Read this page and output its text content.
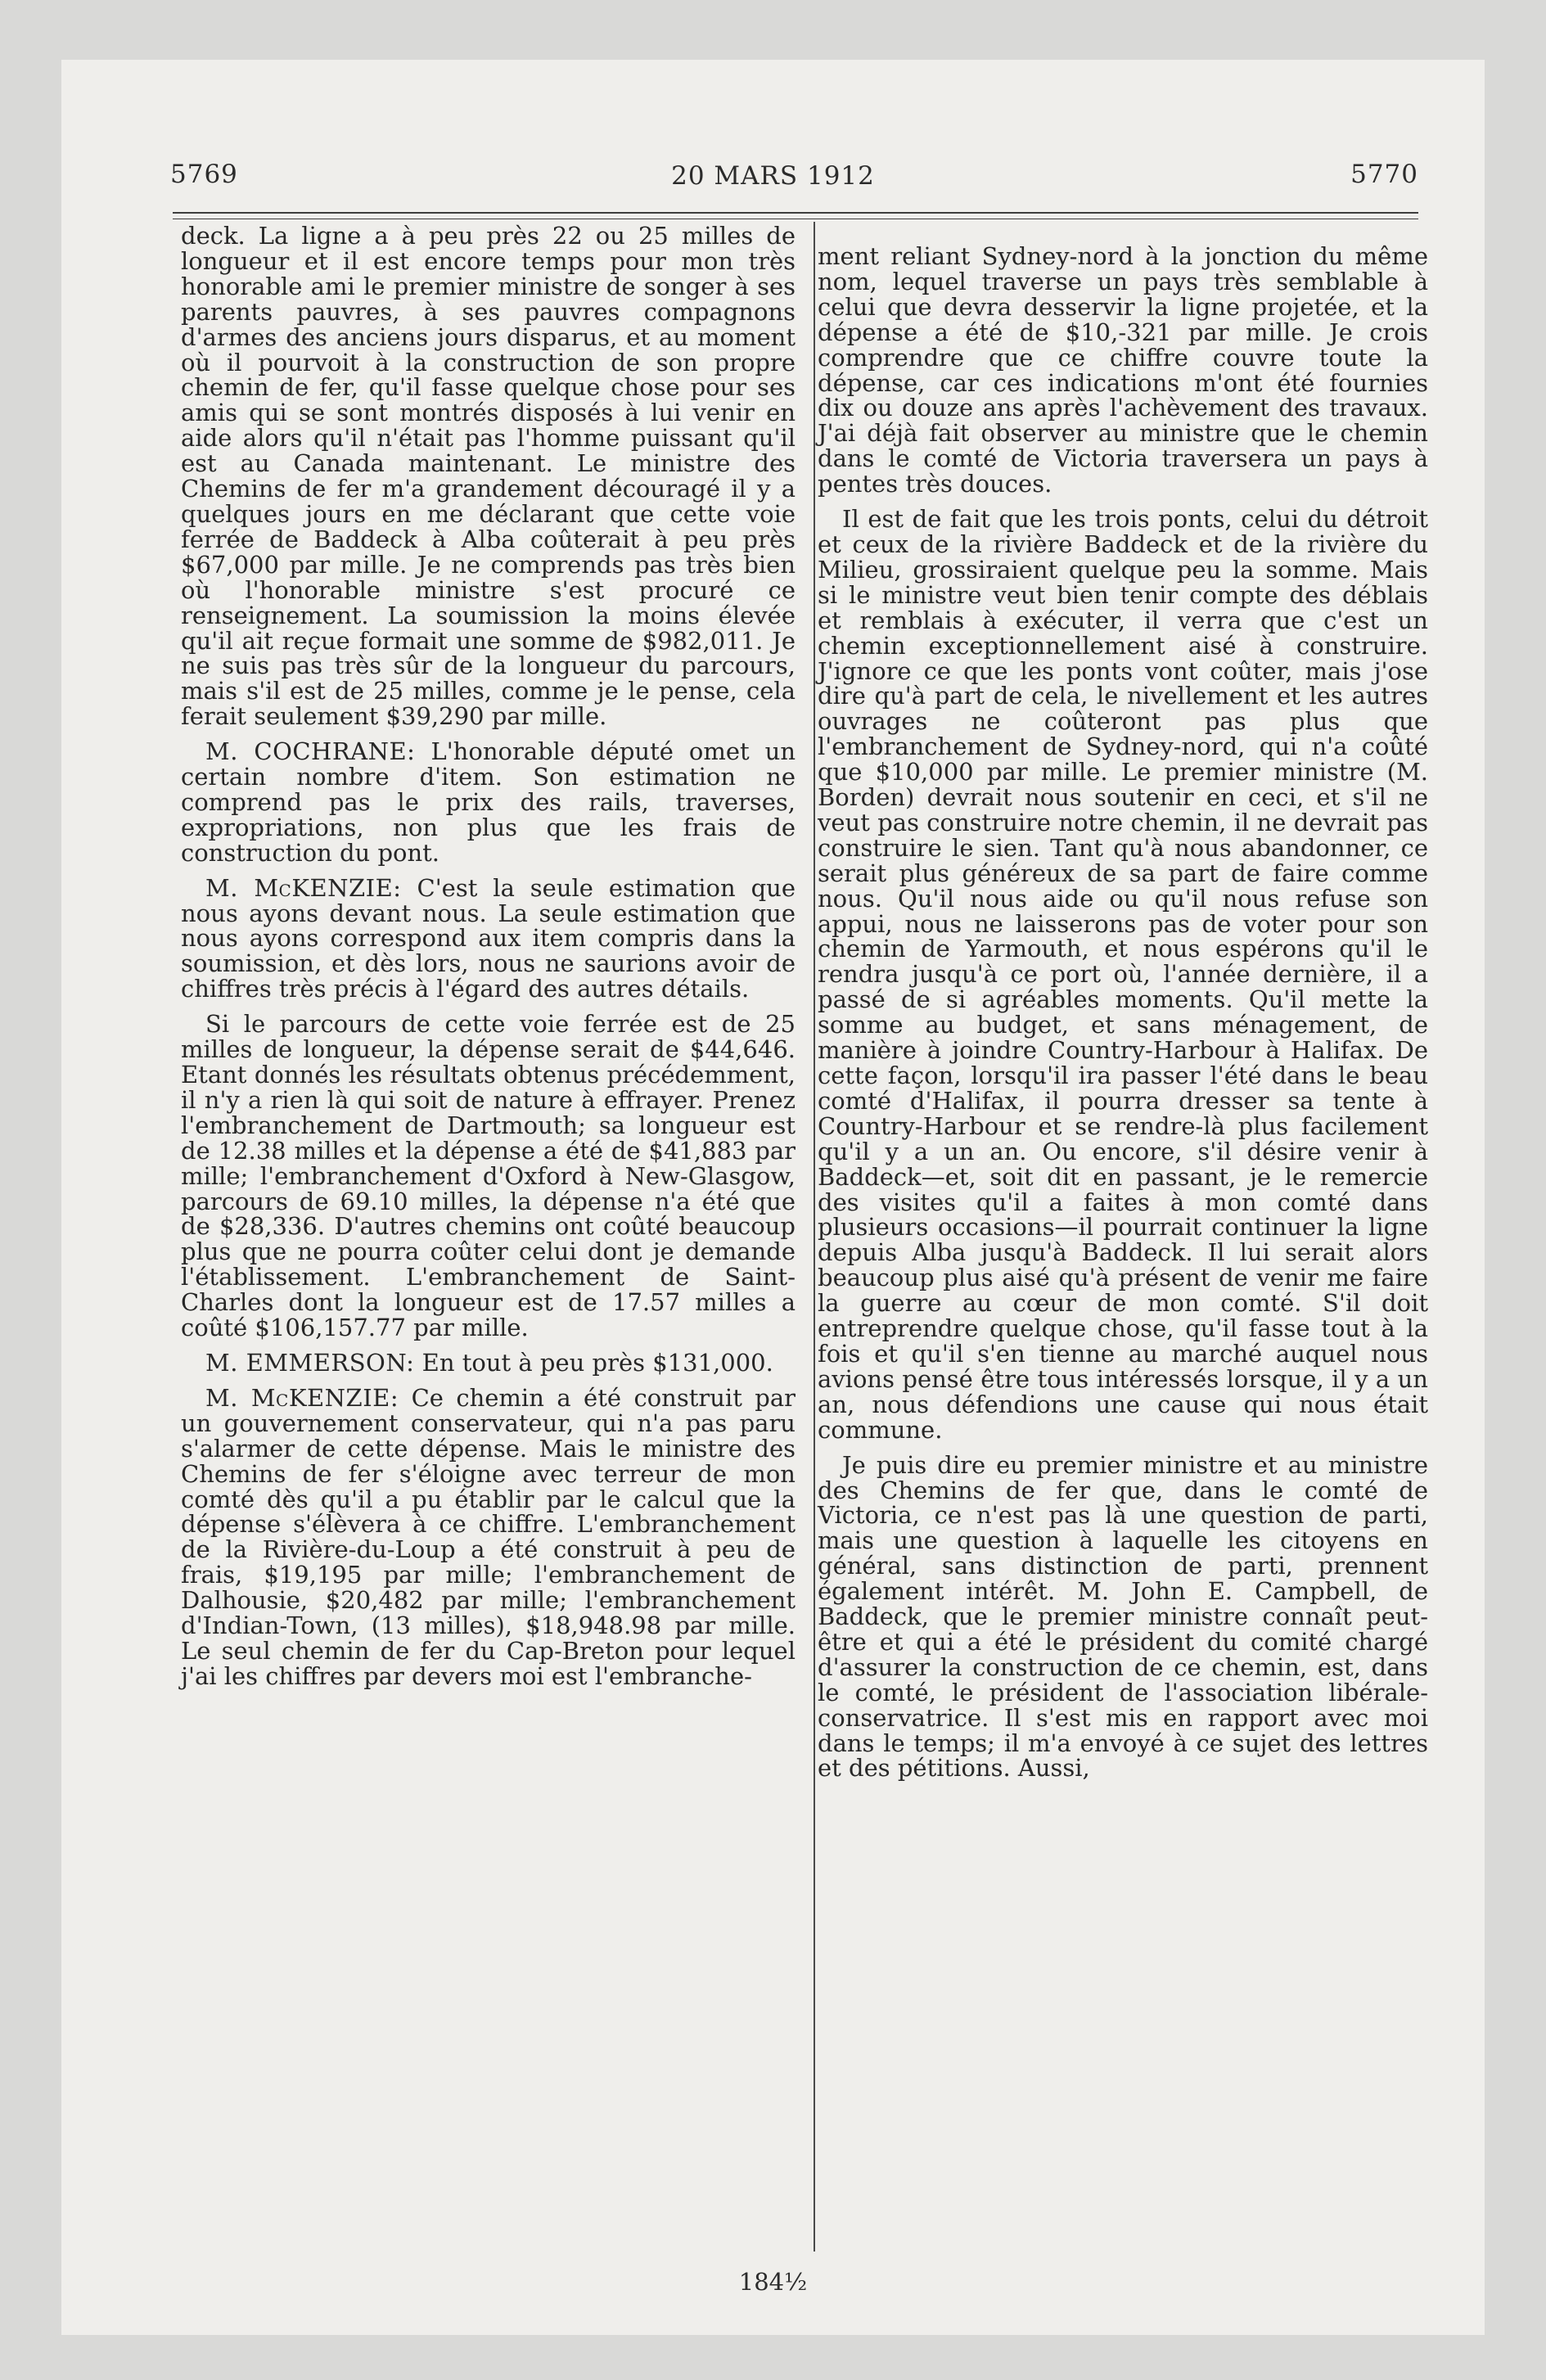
5769	20 MARS 1912	5770

deck. La ligne a à peu près 22 ou 25 milles de longueur et il est encore temps pour mon très honorable ami le premier ministre de songer à ses parents pauvres, à ses pauvres compagnons d'armes des anciens jours disparus, et au moment où il pourvoit à la construction de son propre chemin de fer, qu'il fasse quelque chose pour ses amis qui se sont montrés disposés à lui venir en aide alors qu'il n'était pas l'homme puissant qu'il est au Canada maintenant. Le ministre des Chemins de fer m'a grandement découragé il y a quelques jours en me déclarant que cette voie ferrée de Baddeck à Alba coûterait à peu près $67,000 par mille. Je ne comprends pas très bien où l'honorable ministre s'est procuré ce renseignement. La soumission la moins élevée qu'il ait reçue formait une somme de $982,011. Je ne suis pas très sûr de la longueur du parcours, mais s'il est de 25 milles, comme je le pense, cela ferait seulement $39,290 par mille.

M. COCHRANE: L'honorable député omet un certain nombre d'item. Son estimation ne comprend pas le prix des rails, traverses, expropriations, non plus que les frais de construction du pont.

M. McKENZIE: C'est la seule estimation que nous ayons devant nous. La seule estimation que nous ayons correspond aux item compris dans la soumission, et dès lors, nous ne saurions avoir de chiffres très précis à l'égard des autres détails.

Si le parcours de cette voie ferrée est de 25 milles de longueur, la dépense serait de $44,646. Etant donnés les résultats obtenus précédemment, il n'y a rien là qui soit de nature à effrayer. Prenez l'embranchement de Dartmouth; sa longueur est de 12.38 milles et la dépense a été de $41,883 par mille; l'embranchement d'Oxford à New-Glasgow, parcours de 69.10 milles, la dépense n'a été que de $28,336. D'autres chemins ont coûté beaucoup plus que ne pourra coûter celui dont je demande l'établissement. L'embranchement de Saint-Charles dont la longueur est de 17.57 milles a coûté $106,157.77 par mille.

M. EMMERSON: En tout à peu près $131,000.

M. McKENZIE: Ce chemin a été construit par un gouvernement conservateur, qui n'a pas paru s'alarmer de cette dépense. Mais le ministre des Chemins de fer s'éloigne avec terreur de mon comté dès qu'il a pu établir par le calcul que la dépense s'élèvera à ce chiffre. L'embranchement de la Rivière-du-Loup a été construit à peu de frais, $19,195 par mille; l'embranchement de Dalhousie, $20,482 par mille; l'embranchement d'Indian-Town, (13 milles), $18,948.98 par mille. Le seul chemin de fer du Cap-Breton pour lequel j'ai les chiffres par devers moi est l'embranche-

ment reliant Sydney-nord à la jonction du même nom, lequel traverse un pays très semblable à celui que devra desservir la ligne projetée, et la dépense a été de $10,-321 par mille. Je crois comprendre que ce chiffre couvre toute la dépense, car ces indications m'ont été fournies dix ou douze ans après l'achèvement des travaux. J'ai déjà fait observer au ministre que le chemin dans le comté de Victoria traversera un pays à pentes très douces.

Il est de fait que les trois ponts, celui du détroit et ceux de la rivière Baddeck et de la rivière du Milieu, grossiraient quelque peu la somme. Mais si le ministre veut bien tenir compte des déblais et remblais à exécuter, il verra que c'est un chemin exceptionnellement aisé à construire. J'ignore ce que les ponts vont coûter, mais j'ose dire qu'à part de cela, le nivellement et les autres ouvrages ne coûteront pas plus que l'embranchement de Sydney-nord, qui n'a coûté que $10,000 par mille. Le premier ministre (M. Borden) devrait nous soutenir en ceci, et s'il ne veut pas construire notre chemin, il ne devrait pas construire le sien. Tant qu'à nous abandonner, ce serait plus généreux de sa part de faire comme nous. Qu'il nous aide ou qu'il nous refuse son appui, nous ne laisserons pas de voter pour son chemin de Yarmouth, et nous espérons qu'il le rendra jusqu'à ce port où, l'année dernière, il a passé de si agréables moments. Qu'il mette la somme au budget, et sans ménagement, de manière à joindre Country-Harbour à Halifax. De cette façon, lorsqu'il ira passer l'été dans le beau comté d'Halifax, il pourra dresser sa tente à Country-Harbour et se rendre-là plus facilement qu'il y a un an. Ou encore, s'il désire venir à Baddeck—et, soit dit en passant, je le remercie des visites qu'il a faites à mon comté dans plusieurs occasions—il pourrait continuer la ligne depuis Alba jusqu'à Baddeck. Il lui serait alors beaucoup plus aisé qu'à présent de venir me faire la guerre au cœur de mon comté. S'il doit entreprendre quelque chose, qu'il fasse tout à la fois et qu'il s'en tienne au marché auquel nous avions pensé être tous intéressés lorsque, il y a un an, nous défendions une cause qui nous était commune.

Je puis dire eu premier ministre et au ministre des Chemins de fer que, dans le comté de Victoria, ce n'est pas là une question de parti, mais une question à laquelle les citoyens en général, sans distinction de parti, prennent également intérêt. M. John E. Campbell, de Baddeck, que le premier ministre connaît peut-être et qui a été le président du comité chargé d'assurer la construction de ce chemin, est, dans le comté, le président de l'association libérale-conservatrice. Il s'est mis en rapport avec moi dans le temps; il m'a envoyé à ce sujet des lettres et des pétitions. Aussi,

184½
